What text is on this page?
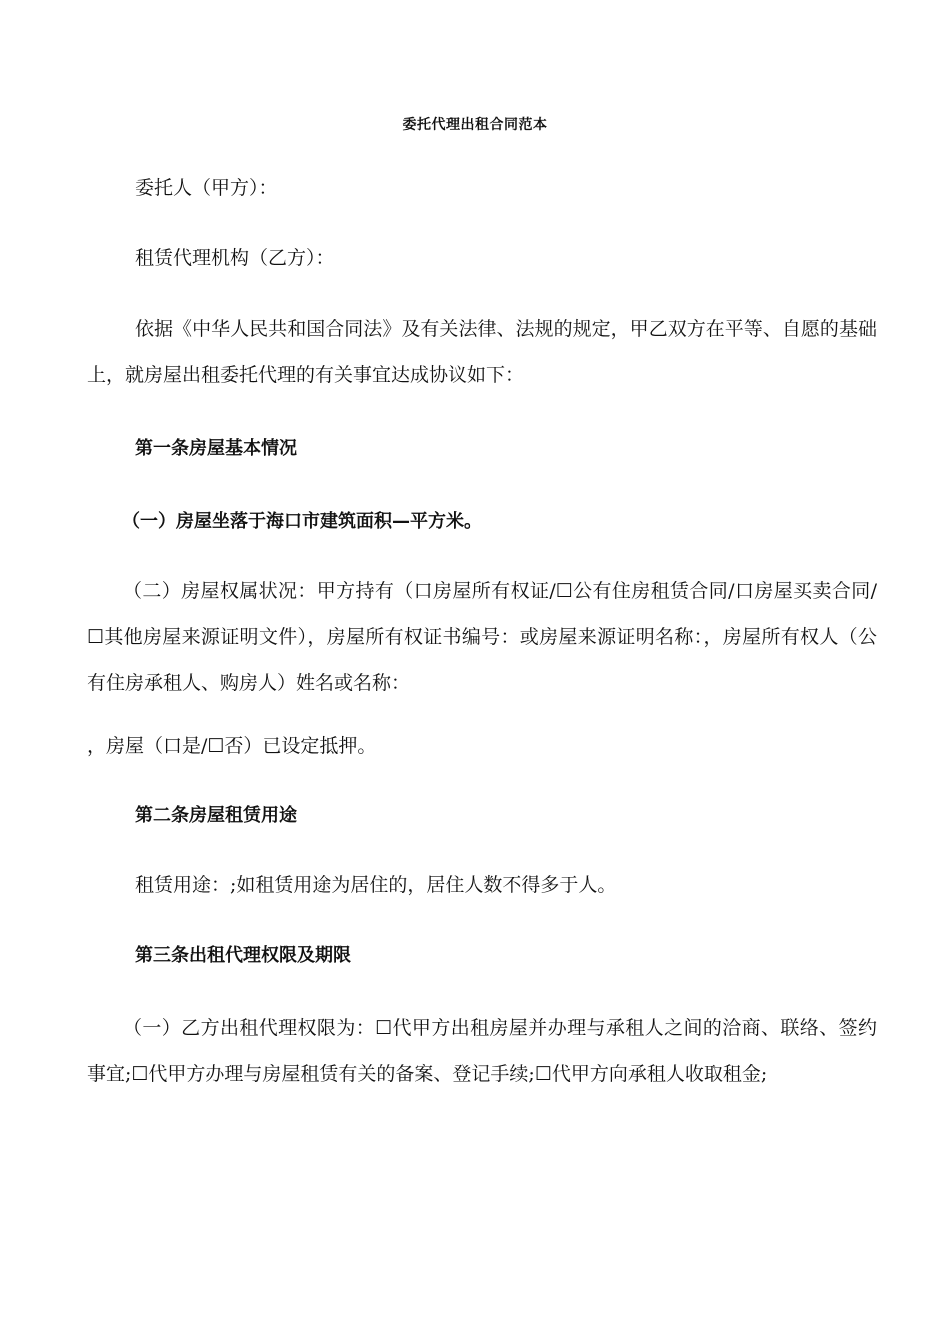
委托代理出租合同范本
委托人（甲方）：
租赁代理机构（乙方）：
依据《中华人民共和国合同法》及有关法律、法规的规定，甲乙双方在平等、自愿的基础上，就房屋出租委托代理的有关事宜达成协议如下：
第一条房屋基本情况
（一）房屋坐落于海口市建筑面积—平方米。
（二）房屋权属状况：甲方持有（口房屋所有权证/☐公有住房租赁合同/口房屋买卖合同/☐其他房屋来源证明文件），房屋所有权证书编号：或房屋来源证明名称：，房屋所有权人（公有住房承租人、购房人）姓名或名称：
，房屋（口是/☐否）已设定抵押。
第二条房屋租赁用途
租赁用途：;如租赁用途为居住的，居住人数不得多于人。
第三条出租代理权限及期限
（一）乙方出租代理权限为：☐代甲方出租房屋并办理与承租人之间的洽商、联络、签约事宜;☐代甲方办理与房屋租赁有关的备案、登记手续;☐代甲方向承租人收取租金;
